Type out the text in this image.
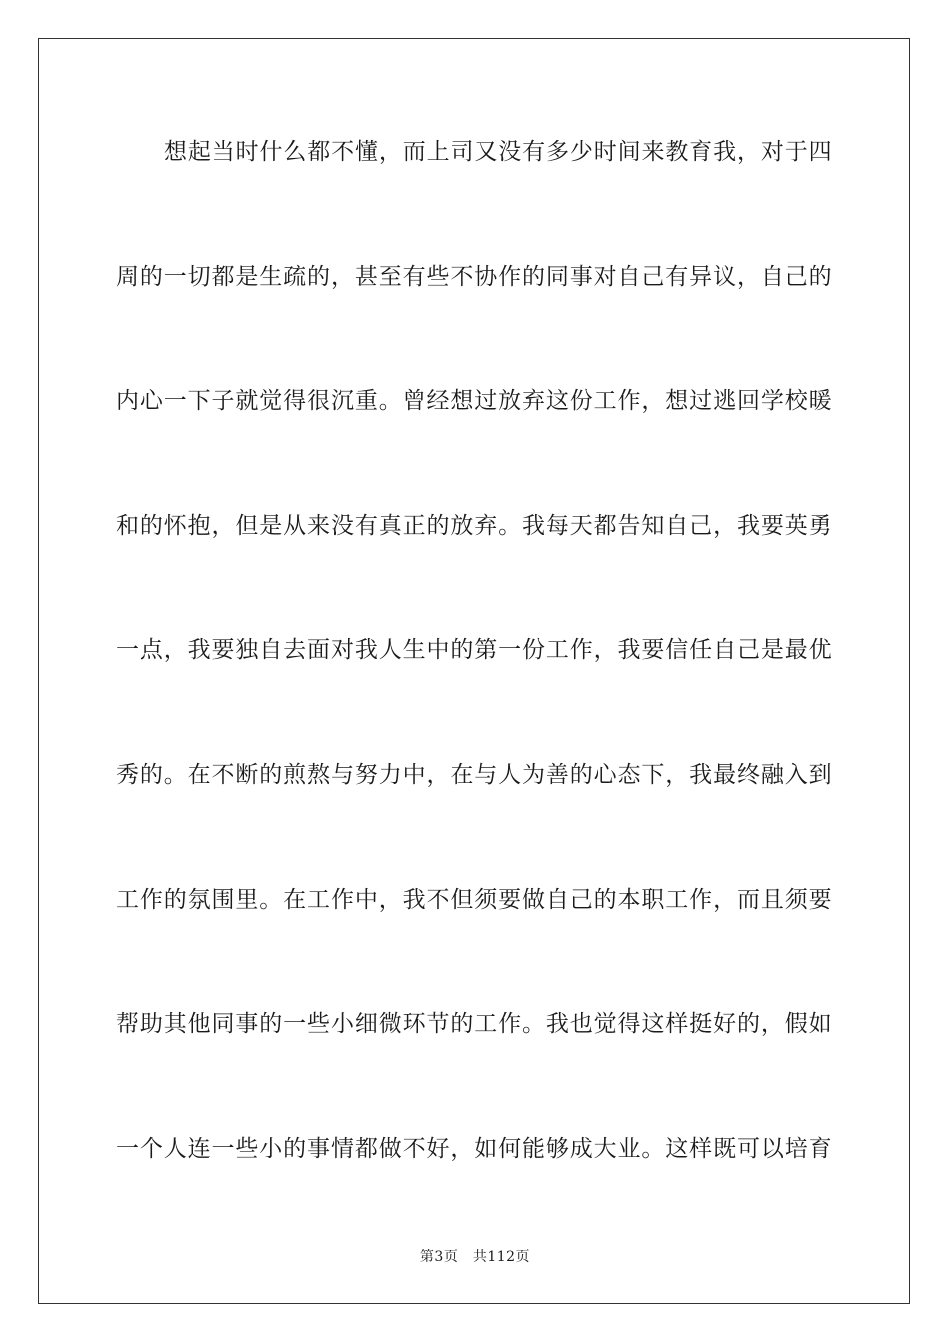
想起当时什么都不懂，而上司又没有多少时间来教育我，对于四
周的一切都是生疏的，甚至有些不协作的同事对自己有异议，自己的
内心一下子就觉得很沉重。曾经想过放弃这份工作，想过逃回学校暖
和的怀抱，但是从来没有真正的放弃。我每天都告知自己，我要英勇
一点，我要独自去面对我人生中的第一份工作，我要信任自己是最优
秀的。在不断的煎熬与努力中，在与人为善的心态下，我最终融入到
工作的氛围里。在工作中，我不但须要做自己的本职工作，而且须要
帮助其他同事的一些小细微环节的工作。我也觉得这样挺好的，假如
一个人连一些小的事情都做不好，如何能够成大业。这样既可以培育
第3页　共112页
